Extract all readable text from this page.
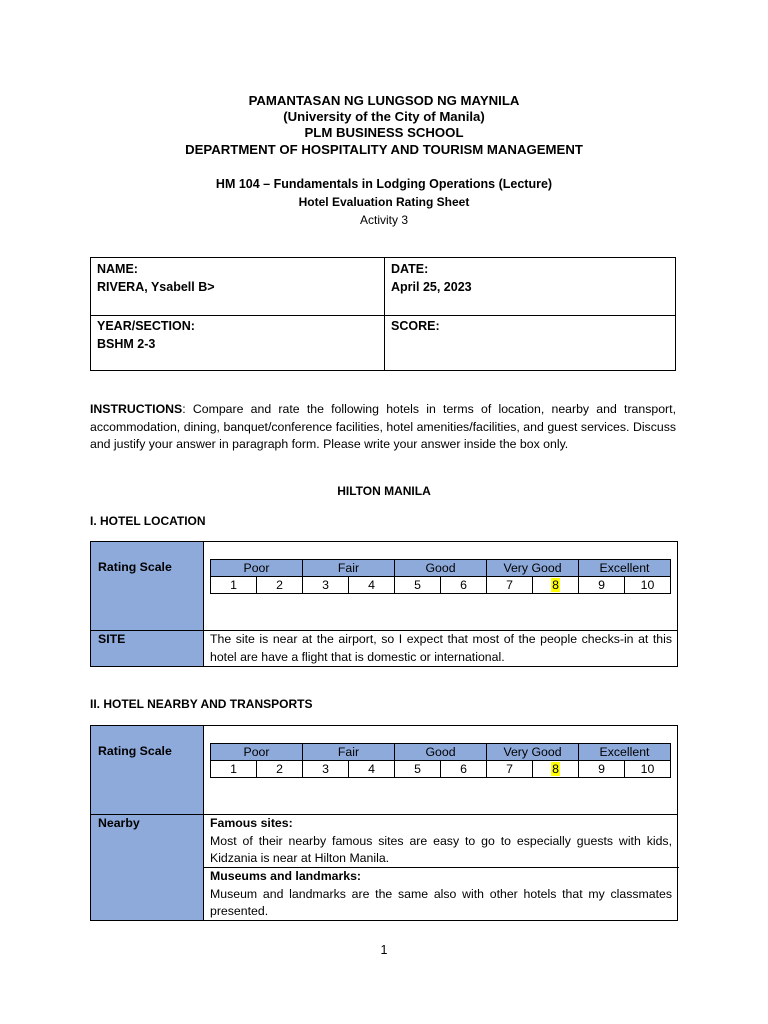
PAMANTASAN NG LUNGSOD NG MAYNILA
(University of the City of Manila)
PLM BUSINESS SCHOOL
DEPARTMENT OF HOSPITALITY AND TOURISM MANAGEMENT
HM 104 – Fundamentals in Lodging Operations (Lecture)
Hotel Evaluation Rating Sheet
Activity 3
NAME:
RIVERA, Ysabell B>
DATE:
April 25, 2023
YEAR/SECTION:
BSHM 2-3
SCORE:
INSTRUCTIONS: Compare and rate the following hotels in terms of location, nearby and transport, accommodation, dining, banquet/conference facilities, hotel amenities/facilities, and guest services. Discuss and justify your answer in paragraph form. Please write your answer inside the box only.
HILTON MANILA
I. HOTEL LOCATION
Rating Scale	Poor		Fair		Good		Very Good		Excellent	
1	2	3	4	5	6	7	8	9	10
SITE	The site is near at the airport, so I expect that most of the people checks-in at this hotel are have a flight that is domestic or international.
II. HOTEL NEARBY AND TRANSPORTS
Rating Scale	Poor		Fair		Good		Very Good		Excellent	
1	2	3	4	5	6	7	8	9	10
Nearby	Famous sites:
Most of their nearby famous sites are easy to go to especially guests with kids, Kidzania is near at Hilton Manila.
Museums and landmarks:
Museum and landmarks are the same also with other hotels that my classmates presented.
1
